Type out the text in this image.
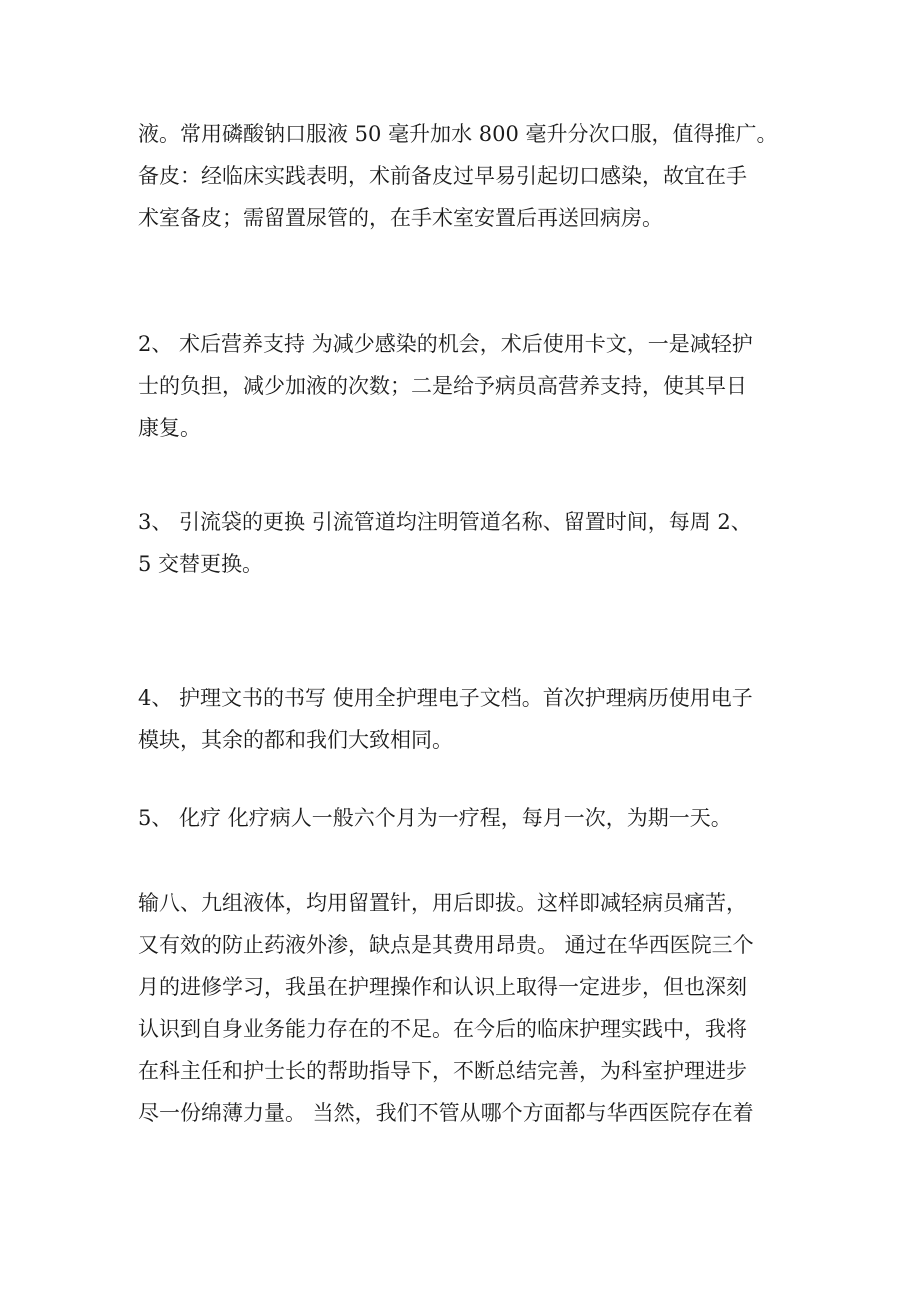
液。常用磷酸钠口服液 50 毫升加水 800 毫升分次口服，值得推广。
备皮：经临床实践表明，术前备皮过早易引起切口感染，故宜在手
术室备皮；需留置尿管的，在手术室安置后再送回病房。
2、 术后营养支持 为减少感染的机会，术后使用卡文，一是减轻护
士的负担，减少加液的次数；二是给予病员高营养支持，使其早日
康复。
3、 引流袋的更换 引流管道均注明管道名称、留置时间，每周 2、
5 交替更换。
4、 护理文书的书写 使用全护理电子文档。首次护理病历使用电子
模块，其余的都和我们大致相同。
5、 化疗 化疗病人一般六个月为一疗程，每月一次，为期一天。
输八、九组液体，均用留置针，用后即拔。这样即减轻病员痛苦，
又有效的防止药液外渗，缺点是其费用昂贵。 通过在华西医院三个
月的进修学习，我虽在护理操作和认识上取得一定进步，但也深刻
认识到自身业务能力存在的不足。在今后的临床护理实践中，我将
在科主任和护士长的帮助指导下，不断总结完善，为科室护理进步
尽一份绵薄力量。 当然，我们不管从哪个方面都与华西医院存在着
